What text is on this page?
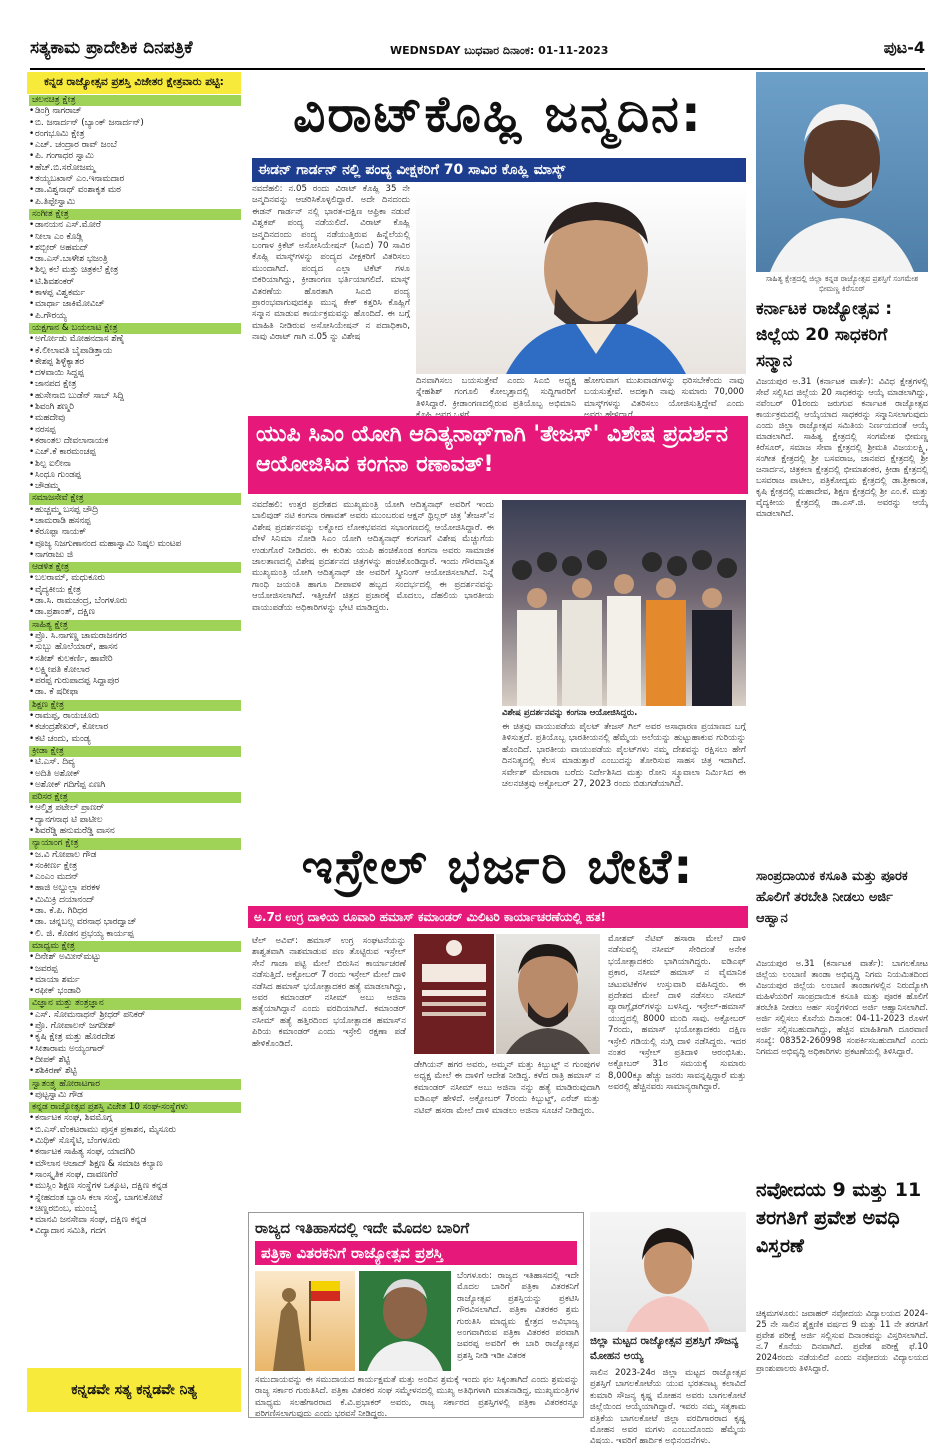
ಸತ್ಯಕಾಮ ಪ್ರಾದೇಶಿಕ ದಿನಪತ್ರಿಕೆ	WEDNSDAY ಬುಧವಾರ ದಿನಾಂಕ: 01-11-2023	ಪುಟ-4
ಕನ್ನಡ ರಾಜ್ಯೋತ್ಸವ ಪ್ರಶಸ್ತಿ ವಿಜೇತರ ಕ್ಷೇತ್ರವಾರು ಪಟ್ಟಿ:
ಚಲನಚಿತ್ರ ಕ್ಷೇತ್ರ
• ಡಿಂಗ್ರಿ ನಾಗರಾಜ್
• ಬಿ. ಜನಾರ್ದನ್ (ಬ್ಯಾಂಕ್ ಜನಾರ್ದನ್)
• ರಂಗಭೂಮಿ ಕ್ಷೇತ್ರ
• ಎಚ್. ಚಂದ್ರಾರ ರಾವ್ ಜಂಬೆ
• ಪಿ. ಗಂಗಾಧರ ಸ್ವಾಮಿ
• ಹೆಚ್.ಬಿ.ಸರೋಜಮ್ಮ
• ತಯ್ಯಬಖಾನ್ ಎಂ.ಇನಾಮದಾರ
• ಡಾ.ವಿಶ್ವನಾಥ್ ವಂಶಾಕೃತ ಮಠ
• ಪಿ.ತಿಪ್ಪೇಸ್ವಾಮಿ
ಸಂಗೀತ ಕ್ಷೇತ್ರ
• ಡಾನಯನ ಎಸ್.ಮೋರೆ
• ನೀಲಾ ಎಂ ಕೊಡ್ಲಿ
• ಶಬ್ಬೀರ್ ಅಹಮದ್
• ಡಾ.ಎಸ್.ಬಾಳೇಶ ಭಜಂತ್ರಿ
• ಶಿಲ್ಪ ಕಲೆ ಮತ್ತು ಚಿತ್ರಕಲೆ ಕ್ಷೇತ್ರ
• ಟಿ.ಶಿವಶಂಕರ್
• ಕಾಳಪ್ಪ ವಿಶ್ವಕರ್ಮ
• ಮಾರ್ಥಾ ಜಾಕಿಮೋವಿಚ್
• ಪಿ.ಗೌರಯ್ಯ
ಯಕ್ಷಗಾನ & ಬಯಲಾಟ ಕ್ಷೇತ್ರ
• ಅರ್ಗೋಡು ಮೋಹನದಾಸ ಶೆಣೈ
• ಕೆ.ಲೀಲಾವತಿ ಬೈಪಾಡಿತ್ತಾಯ
• ಕೇಶಪ್ಪ ಶಿಳ್ಳೆಕ್ಯಾತರ
• ದಳವಾಯಿ ಸಿದ್ದಪ್ಪ
• ಜಾನಪದ ಕ್ಷೇತ್ರ
• ಹುಸೇನಾಬಿ ಬುಡೆನ್ ಸಾಬ್ ಸಿದ್ದಿ
• ಶಿವಂಗಿ ಶಣ್ಮರಿ
• ಮಹದೇವು
• ನರಸಪ್ಪ
• ಕಠಾಂತಲ ದೇವಲಾನಾಯಕ
• ಎಚ್.ಕೆ ಕಾರಮಂಚಪ್ಪ
• ಶಿಲ್ಪ ಐಲೀನಾ
• ಸಿಂಧೂ ಗುಂಡಪ್ಪ
• ಚೌಡಮ್ಮ
ಸಮಾಜಸೇವೆ ಕ್ಷೇತ್ರ
• ಹುಚ್ಚಮ್ಮ ಬಸಪ್ಪ ಚೌದ್ರಿ
• ಚಾಮರಾಡಿ ಹಸನಪ್ಪ
• ಕೆರೂಪ್ಪಾ ನಾಯಕ್
• ಪೂಜ್ಯ ನಿಜಗುಣಾನಂದ ಮಹಾಸ್ವಾಮಿ ನಿಷ್ಕಲ ಮಂಟಪ
• ನಾಗರಾಜು ಜಿ
ಆಡಳಿತ ಕ್ಷೇತ್ರ
• ಬಲರಾಮ್, ಮಧುಕೂರು
• ವೈದ್ಯಕೀಯ ಕ್ಷೇತ್ರ
• ಡಾ.ಸಿ. ರಾಮಚಂದ್ರ, ಬೆಂಗಳೂರು
• ಡಾ.ಪ್ರಶಾಂತ್, ದಕ್ಷಿಣ
ಸಾಹಿತ್ಯ ಕ್ಷೇತ್ರ
• ಪ್ರೊ. ಸಿ.ನಾಗಣ್ಣ ಚಾಮರಾಜನಗರ
• ಸುಬ್ಬು ಹೊಲೆಯಾರ್, ಹಾಸನ
• ಸತೀಶ್ ಕುಲಕರ್ಣಿ, ಹಾವೇರಿ
• ಲಕ್ಷ್ಮೀಪತಿ ಕೋಲಾರ
• ಪರಪ್ಪ ಗುರುಪಾದಪ್ಪ ಸಿದ್ದಾಪುರ
• ಡಾ. ಕೆ ಷರೀಫಾ
ಶಿಕ್ಷಣ ಕ್ಷೇತ್ರ
• ರಾಮಪ್ಪ, ರಾಯಚೂರು
• ಕಚಂದ್ರಶೇಖರ್, ಕೋಲಾರ
• ಕಟಿ ಚಂದು, ಮಂಡ್ಯ
ಕ್ರೀಡಾ ಕ್ಷೇತ್ರ
• ಟಿ.ಎಸ್. ದಿವ್ಯ
• ಅದಿತಿ ಅಶೋಕ್
• ಅಶೋಕ್ ಗದಿಗೆಪ್ಪ ಏಣಗಿ
ಪರಿಸರ ಕ್ಷೇತ್ರ
• ಆಲ್ಮಿತ್ರ ಪಟೇಲ್ ಪ್ರಾಣರ್
• ದ್ಯಾನಗನಾಥ ಟಿ ಪಾಟೀಲ
• ಶಿವರೆಡ್ಡಿ ಹನುಮರೆಡ್ಡಿ ವಾಸನ
ನ್ಯಾಯಾಂಗ ಕ್ಷೇತ್ರ
• ಜ.ವಿ ಗೋಪಾಲ ಗೌಡ
• ಸಂಕೀರ್ಣ ಕ್ಷೇತ್ರ
• ಎಂಎಂ ಮದನ್
• ಹಾಜಿ ಅಬ್ದುಲ್ಲಾ ಪರಕಳ
• ಮಿಮಿಕ್ರಿ ದಯಾನಂದ್
• ಡಾ. ಕೆ.ಪಿ. ಗಿರಿಧರ
• ಡಾ. ಚನ್ನಬಲ್ಲ ವರನಾಥ ಭಾರದ್ವಾಜ್
• ಲಿ. ಜಿ. ಕೊಡನ ಪ್ರಭಯ್ಯ ಕಾರ್ಯಪ್ಪ
ಮಾಧ್ಯಮ ಕ್ಷೇತ್ರ
• ದಿನೇಶ್ ಅಮೀನ್‌ಮಟ್ಟು
• ಜವರಪ್ಪ
• ಮಾಯಾ ಶರ್ಮ
• ರಫೀಕ್ ಭಂಡಾರಿ
ವಿಜ್ಞಾನ ಮತ್ತು ತಂತ್ರಜ್ಞಾನ
• ಎಸ್. ಸೋಮನಾಥನ್ ಶ್ರೀಧರ್ ಪನಿಕರ್
• ಪ್ರೊ. ಗೋಪಾಲನ್ ಜಗದೀಶ್
• ಕೃಷಿ ಕ್ಷೇತ್ರ ಮತ್ತು ಹೊರದೇಶ
• ಸೀತಾರಾಮ ಅಯ್ಯಂಗಾರ್
• ದೀಪಕ್ ಶೆಟ್ಟಿ
• ಶಶಿಕಿರಣ್ ಶೆಟ್ಟಿ
ಸ್ವಾತಂತ್ರ್ಯ ಹೋರಾಟಗಾರ
• ಪುಟ್ಟಸ್ವಾಮಿ ಗೌಡ
ಕನ್ನಡ ರಾಜ್ಯೋತ್ಸವ ಪ್ರಶಸ್ತಿ ವಿಜೇತ 10 ಸಂಘ-ಸಂಸ್ಥೆಗಳು
• ಕರ್ನಾಟಕ ಸಂಘ, ಶಿವಮೊಗ್ಗ
• ಬಿ.ಎಸ್.ವೆಂಕಟರಾಮು ಪುಸ್ತಕ ಪ್ರಕಾಶನ, ಮೈಸೂರು
• ಮಿಥಿಕ್ ಸೊಸೈಟಿ, ಬೆಂಗಳೂರು
• ಕರ್ನಾಟಕ ಸಾಹಿತ್ಯ ಸಂಘ, ಯಾದಗಿರಿ
• ಮೌಲಾನ ಆಜಾದ್ ಶಿಕ್ಷಣ & ಸಮಾಜ ಕಲ್ಯಾಣ
• ಸಾಂಸ್ಕೃತಿಕ ಸಂಘ, ದಾವಣಗೆರೆ
• ಮುಸ್ಲಿಂ ಶಿಕ್ಷಣ ಸಂಸ್ಥೆಗಳ ಒಕ್ಕೂಟ, ದಕ್ಷಿಣ ಕನ್ನಡ
• ಸ್ನೇಹದಂತ ಬ್ಯಾಂಸಿ ಕಲಾ ಸಂಸ್ಥೆ, ಬಾಗಲಕೋಟೆ
• ಚಿಣ್ಣರಬಿಂಬ, ಮುಂಬೈ
• ಮಾನವಿ ಜನಸೇವಾ ಸಂಘ, ದಕ್ಷಿಣ ಕನ್ನಡ
• ವಿದ್ಯಾದಾನ ಸಮಿತಿ, ಗದಗ
ಕನ್ನಡವೇ ಸತ್ಯ ಕನ್ನಡವೇ ನಿತ್ಯ
ವಿರಾಟ್‌ಕೊಹ್ಲಿ ಜನ್ಮದಿನ:
ಈಡನ್ ಗಾರ್ಡನ್ ನಲ್ಲಿ ಪಂದ್ಯ ವೀಕ್ಷಕರಿಗೆ 70 ಸಾವಿರ ಕೊಹ್ಲಿ ಮಾಸ್ಕ್
ನವದೆಹಲಿ: ನ.05 ರಂದು ವಿರಾಟ್ ಕೊಹ್ಲಿ 35 ನೇ ಜನ್ಮದಿನವನ್ನು ಆಚರಿಸಿಕೊಳ್ಳಲಿದ್ದಾರೆ. ಅದೇ ದಿನದಂದು ಈಡನ್ ಗಾರ್ಡನ್ ನಲ್ಲಿ ಭಾರತ-ದಕ್ಷಿಣ ಆಫ್ರಿಕಾ ನಡುವೆ ವಿಶ್ವಕಪ್ ಪಂದ್ಯ ನಡೆಯಲಿದೆ. ವಿರಾಟ್ ಕೊಹ್ಲಿ ಜನ್ಮದಿನದಂದು ಪಂದ್ಯ ನಡೆಯುತ್ತಿರುವ ಹಿನ್ನೆಲೆಯಲ್ಲಿ ಬಂಗಾಳ ಕ್ರಿಕೆಟ್ ಅಸೋಸಿಯೇಷನ್ (ಸಿಎಬಿ) 70 ಸಾವಿರ ಕೊಹ್ಲಿ ಮಾಸ್ಕ್‌ಗಳನ್ನು ಪಂದ್ಯದ ವೀಕ್ಷಕರಿಗೆ ವಿತರಿಸಲು ಮುಂದಾಗಿದೆ. ಪಂದ್ಯದ ಎಲ್ಲಾ ಟಿಕೆಟ್ ಗಳೂ ಬಿಕರಿಯಾಗಿದ್ದು, ಕ್ರೀಡಾಂಗಣ ಭರ್ತಿಯಾಗಲಿದೆ. ಮಾಸ್ಕ್ ವಿತರಣೆಯ ಹೊರತಾಗಿ ಸಿಎಬಿ ಪಂದ್ಯ ಪ್ರಾರಂಭವಾಗುವುದಕ್ಕೂ ಮುನ್ನ ಕೇಕ್ ಕತ್ತರಿಸಿ ಕೊಹ್ಲಿಗೆ ಸನ್ಮಾನ ಮಾಡುವ ಕಾರ್ಯಕ್ರಮವನ್ನು ಹೊಂದಿದೆ. ಈ ಬಗ್ಗೆ ಮಾಹಿತಿ ನೀಡಿರುವ ಅಸೋಸಿಯೇಷನ್ ನ ಪದಾಧಿಕಾರಿ, ನಾವು ವಿರಾಟ್ ಗಾಗಿ ನ.05 ನ್ನು ವಿಶೇಷ
ದಿನವಾಗಿಸಲು ಬಯಸುತ್ತೇವೆ ಎಂದು ಸಿಎಬಿ ಅಧ್ಯಕ್ಷ ಸ್ನೇಹಶಿಶ್ ಗಂಗೂಲಿ ಕೋಲ್ಕತ್ತಾದಲ್ಲಿ ಸುದ್ದಿಗಾರರಿಗೆ ತಿಳಿಸಿದ್ದಾರೆ. ಕ್ರೀಡಾಂಗಣದಲ್ಲಿರುವ ಪ್ರತಿಯೊಬ್ಬ ಅಭಿಮಾನಿ
ಹೋಗುವಾಗ ಮುಖವಾಡಗಳನ್ನು ಧರಿಸಬೇಕೆಂದು ನಾವು ಬಯಸುತ್ತೇವೆ. ಅದಕ್ಕಾಗಿ ನಾವು ಸುಮಾರು 70,000 ಮಾಸ್ಕ್‌ಗಳನ್ನು ವಿತರಿಸಲು ಯೋಜಿಸುತ್ತಿದ್ದೇವೆ ಎಂದು
ಯುಪಿ ಸಿಎಂ ಯೋಗಿ ಆದಿತ್ಯನಾಥ್‌ಗಾಗಿ 'ತೇಜಸ್' ವಿಶೇಷ ಪ್ರದರ್ಶನ ಆಯೋಜಿಸಿದ ಕಂಗನಾ ರಣಾವತ್!
ನವದೆಹಲಿ: ಉತ್ತರ ಪ್ರದೇಶದ ಮುಖ್ಯಮಂತ್ರಿ ಯೋಗಿ ಆದಿತ್ಯನಾಥ್ ಅವರಿಗೆ ಇಂದು ಬಾಲಿವುಡ್ ನಟಿ ಕಂಗನಾ ರಣಾವತ್ ಅವರು ಮುಂಬರುವ ಆಕ್ಷನ್ ಥ್ರಿಲ್ಲರ್ ಚಿತ್ರ 'ತೇಜಸ್'ನ ವಿಶೇಷ ಪ್ರದರ್ಶನವನ್ನು ಲಕ್ನೋದ ಲೋಕಭವನದ ಸಭಾಂಗಣದಲ್ಲಿ ಆಯೋಜಿಸಿದ್ದಾರೆ. ಈ ವೇಳೆ ಸಿನಿಮಾ ನೋಡಿ ಸಿಎಂ ಯೋಗಿ ಆದಿತ್ಯನಾಥ್ ಕಂಗನಾಗೆ ವಿಶೇಷ ಮೆಚ್ಚುಗೆಯ ಉಡುಗೊರೆ ನೀಡಿದರು. ಈ ಕುರಿತು ಯುಪಿ ಹಂಚಿಕೊಂಡ ಕಂಗನಾ ಅವರು ಸಾಮಾಜಿಕ ಜಾಲತಾಣದಲ್ಲಿ ವಿಶೇಷ ಪ್ರದರ್ಶನದ ಚಿತ್ರಗಳನ್ನು ಹಂಚಿಕೊಂಡಿದ್ದಾರೆ. ಇಂದು ಗೌರವಾನ್ವಿತ ಮುಖ್ಯಮಂತ್ರಿ ಯೋಗಿ ಆದಿತ್ಯನಾಥ್ ಜೀ ಅವರಿಗೆ ಸ್ಕ್ರೀನಿಂಗ್ ಆಯೋಜಿಸಲಾಗಿದೆ. ನಿನ್ನೆ ಗಾಂಧಿ ಜಯಂತಿ ಹಾಗೂ ದೀಪಾವಳಿ ಹಬ್ಬದ ಸಂದರ್ಭದಲ್ಲಿ ಈ ಪ್ರದರ್ಶನವನ್ನು ಆಯೋಜಿಸಲಾಗಿದೆ. ಇತ್ತೀಚೆಗೆ ಚಿತ್ರದ ಪ್ರಚಾರಕ್ಕೆ ಮೊದಲು, ದೆಹಲಿಯ ಭಾರತೀಯ ವಾಯುಪಡೆಯ ಅಧಿಕಾರಿಗಳನ್ನು ಭೇಟಿ ಮಾಡಿದ್ದರು.
ವಿಶೇಷ ಪ್ರದರ್ಶನವನ್ನು ಕಂಗನಾ ಆಯೋಜಿಸಿದ್ದರು.
ಈ ಚಿತ್ರವು ವಾಯುಪಡೆಯ ಪೈಲಟ್ ತೇಜಸ್ ಗಿಲ್ ಅವರ ಅಸಾಧಾರಣ ಪ್ರಯಾಣದ ಬಗ್ಗೆ ತಿಳಿಸುತ್ತದೆ. ಪ್ರತಿಯೊಬ್ಬ ಭಾರತೀಯನಲ್ಲಿ ಹೆಮ್ಮೆಯ ಅಲೆಯನ್ನು ಹುಟ್ಟುಹಾಕುವ ಗುರಿಯನ್ನು ಹೊಂದಿದೆ. ಭಾರತೀಯ ವಾಯುಪಡೆಯ ಪೈಲಟ್‌ಗಳು ನಮ್ಮ ದೇಶವನ್ನು ರಕ್ಷಿಸಲು ಹೇಗೆ ದಿನನಿತ್ಯದಲ್ಲಿ ಕೆಲಸ ಮಾಡುತ್ತಾರೆ ಎಂಬುದನ್ನು ತೋರಿಸುವ ಸಾಹಸ ಚಿತ್ರ ಇದಾಗಿದೆ. ಸರ್ವೇಶ್ ಮೇವಾರಾ ಬರೆದು ನಿರ್ದೇಶಿಸಿದ ಮತ್ತು ರೋನಿ ಸ್ಕ್ರೂವಾಲಾ ನಿರ್ಮಿಸಿದ ಈ ಚಲನಚಿತ್ರವು ಅಕ್ಟೋಬರ್ 27, 2023 ರಂದು ಬಿಡುಗಡೆಯಾಗಿದೆ.
ಇಸ್ರೇಲ್ ಭರ್ಜರಿ ಬೇಟೆ:
ಅ.7ರ ಉಗ್ರ ದಾಳಿಯ ರೂವಾರಿ ಹಮಾಸ್ ಕಮಾಂಡರ್ ಮಿಲಿಟರಿ ಕಾರ್ಯಾಚರಣೆಯಲ್ಲಿ ಹತ!
ಟೆಲ್ ಅವಿವ್: ಹಮಾಸ್ ಉಗ್ರ ಸಂಘಟನೆಯನ್ನು ಶಾಶ್ವತವಾಗಿ ನಾಶಮಾಡುವ ಪಣ ತೊಟ್ಟಿರುವ ಇಸ್ರೇಲ್ ಸೇನೆ ಗಾಜಾ ಪಟ್ಟಿ ಮೇಲೆ ಬಿರುಸಿನ ಕಾರ್ಯಾಚರಣೆ ನಡೆಸುತ್ತಿದೆ. ಅಕ್ಟೋಬರ್ 7 ರಂದು ಇಸ್ರೇಲ್ ಮೇಲೆ ದಾಳಿ ನಡೆಸಿದ ಹಮಾಸ್ ಭಯೋತ್ಪಾದಕರ ಹತ್ಯೆ ಮಾಡಲಾಗಿದ್ದು, ಅವರ ಕಮಾಂಡರ್ ನಸೀಮ್ ಅಬು ಅಜಿನಾ ಹತ್ಯೆಯಾಗಿದ್ದಾನೆ ಎಂದು ವರದಿಯಾಗಿದೆ. ಕಮಾಂಡರ್ ನಸೀಮ್ ಹತ್ಯೆ ಹತ್ತಿರದಿಂದ ಭಯೋತ್ಪಾದಕ ಹಮಾಸ್‌ನ ಪಿರಿಯ ಕಮಾಂಡರ್ ಎಂದು ಇಸ್ರೇಲಿ ರಕ್ಷಣಾ ಪಡೆ ಹೇಳಿಕೊಂಡಿದೆ.
ಡೇಗಿಯನ್ ಹಗರ ಅವರು, ಅಮ್ಮನ್ ಮತ್ತು ಕಿಬ್ಬುಟ್ಜ್ ನ ಗುಂಪುಗಳ ಅಧ್ಯಕ್ಷ ಮೇಲೆ ಈ ದಾಳಿಗೆ ಆದೇಶ ನೀಡಿದ್ದ. ಕಳೆದ ರಾತ್ರಿ ಹಮಾಸ್ ನ ಕಮಾಂಡರ್ ನಸೀಮ್ ಅಬು ಅಜಿನಾ ನನ್ನು ಹತ್ಯೆ ಮಾಡಿರುವುದಾಗಿ ಐಡಿಎಫ್ ಹೇಳಿದೆ. ಅಕ್ಟೋಬರ್ 7ರಂದು ಕಿಬ್ಬುಟ್ಜ್, ಎರೆಜ್ ಮತ್ತು ನಟಿವ್ ಹಸರಾ ಮೇಲೆ ದಾಳಿ ಮಾಡಲು ಅಜಿನಾ ಸೂಚನೆ ನೀಡಿದ್ದರು.
ಮೋಶವ್ ನೆಟಿವ್ ಹಸಾರಾ ಮೇಲೆ ದಾಳಿ ನಡೆಸುವಲ್ಲಿ ನಸೀಮ್ ಸೇರಿದಂತೆ ಅನೇಕ ಭಯೋತ್ಪಾದಕರು ಭಾಗಿಯಾಗಿದ್ದರು. ಐಡಿಎಫ್ ಪ್ರಕಾರ, ನಸೀಮ್ ಹಮಾಸ್ ನ ವೈಮಾನಿಕ ಚಟುವಟಿಕೆಗಳ ಉಸ್ತುವಾರಿ ವಹಿಸಿದ್ದರು. ಈ ಪ್ರದೇಶದ ಮೇಲೆ ದಾಳಿ ನಡೆಸಲು ನಸೀಮ್ ಪ್ಯಾರಾಗ್ಲೈಡರ್‌ಗಳನ್ನು ಬಳಸಿದ್ದ. ಇಸ್ರೇಲ್-ಹಮಾಸ್ ಯುದ್ಧದಲ್ಲಿ 8000 ಮಂದಿ ಸಾವು. ಅಕ್ಟೋಬರ್ 7ರಂದು, ಹಮಾಸ್ ಭಯೋತ್ಪಾದಕರು ದಕ್ಷಿಣ ಇಸ್ರೇಲಿ ಗಡಿಯಲ್ಲಿ ನುಗ್ಗಿ ದಾಳಿ ನಡೆಸಿದ್ದರು. ಇದರ ನಂತರ ಇಸ್ರೇಲ್ ಪ್ರತಿದಾಳಿ ಆರಂಭಿಸಿತು. ಅಕ್ಟೋಬರ್ 31ರ ಸಮಯಕ್ಕೆ ಸುಮಾರು 8,000ಕ್ಕೂ ಹೆಚ್ಚು ಜನರು ಸಾವನ್ನಪ್ಪಿದ್ದಾರೆ ಮತ್ತು ಅವರಲ್ಲಿ ಹೆಚ್ಚಿನವರು ಸಾಮಾನ್ಯರಾಗಿದ್ದಾರೆ.
ರಾಜ್ಯದ ಇತಿಹಾಸದಲ್ಲಿ ಇದೇ ಮೊದಲ ಬಾರಿಗೆ
ಪತ್ರಿಕಾ ವಿತರಕನಿಗೆ ರಾಜ್ಯೋತ್ಸವ ಪ್ರಶಸ್ತಿ
ಬೆಂಗಳೂರು: ರಾಜ್ಯದ ಇತಿಹಾಸದಲ್ಲಿ ಇದೇ ಮೊದಲ ಬಾರಿಗೆ ಪತ್ರಿಕಾ ವಿತರಕನಿಗೆ ರಾಜ್ಯೋತ್ಸವ ಪ್ರಶಸ್ತಿಯನ್ನು ಪ್ರಕಟಿಸಿ ಗೌರವಿಸಲಾಗಿದೆ. ಪತ್ರಿಕಾ ವಿತರಕರ ಶ್ರಮ ಗುರುತಿಸಿ ಮಾಧ್ಯಮ ಕ್ಷೇತ್ರದ ಅವಿಭಾಜ್ಯ ಅಂಗವಾಗಿರುವ ಪತ್ರಿಕಾ ವಿತರಕರ ಪರವಾಗಿ ಜವರಪ್ಪ ಅವರಿಗೆ ಈ ಬಾರಿ ರಾಜ್ಯೋತ್ಸವ ಪ್ರಶಸ್ತಿ ನೀಡಿ ಇಡೀ ವಿತರಕ
ಸಮುದಾಯವನ್ನು ಈ ಸಮುದಾಯದ ಕಾರ್ಯಕ್ಷಮತೆ ಮತ್ತು ಅಂದಿನ ಶ್ರಮಕ್ಕೆ ಇಂದು ಫಲ ಸಿಕ್ಕಂತಾಗಿದೆ ಎಂದು ಶ್ರಮವನ್ನು ರಾಜ್ಯ ಸರ್ಕಾರ ಗುರುತಿಸಿದೆ. ಪತ್ರಿಕಾ ವಿತರಕರ ಸಂಘ ಸಮ್ಮೇಳನದಲ್ಲಿ ಮುಖ್ಯ ಅತಿಥಿಗಳಾಗಿ ಮಾತನಾಡಿದ್ದ, ಮುಖ್ಯಮಂತ್ರಿಗಳ ಮಾಧ್ಯಮ ಸಲಹೆಗಾರರಾದ ಕೆ.ವಿ.ಪ್ರಭಾಕರ್ ಅವರು, ರಾಜ್ಯ ಸರ್ಕಾರದ ಪ್ರಶಸ್ತಿಗಳಲ್ಲಿ ಪತ್ರಿಕಾ ವಿತರಕರನ್ನೂ ಪರಿಗಣಿಸಲಾಗುವುದು ಎಂದು ಭರವಸೆ ನೀಡಿದ್ದರು.
ಜಿಲ್ಲಾ ಮಟ್ಟದ ರಾಜ್ಯೋತ್ಸವ ಪ್ರಶಸ್ತಿಗೆ ಸೌಜನ್ಯ ಮೋಹನ ಅಯ್ಯ
ಸಾಲಿನ 2023-24ರ ಜಿಲ್ಲಾ ಮಟ್ಟದ ರಾಜ್ಯೋತ್ಸವ ಪ್ರಶಸ್ತಿಗೆ ಬಾಗಲಕೋಟೆಯ ಯುವ ಭರತನಾಟ್ಯ ಕಲಾವಿದೆ ಕುಮಾರಿ ಸೌಜನ್ಯ ಕೃಷ್ಣ ಮೋಹನ ಅವರು ಬಾಗಲಕೋಟೆ ಜಿಲ್ಲೆಯಿಂದ ಆಯ್ಕೆಯಾಗಿದ್ದಾರೆ. ಇವರು ನಮ್ಮ ಸತ್ಯಕಾಮ ಪತ್ರಿಕೆಯ ಬಾಗಲಕೋಟೆ ಜಿಲ್ಲಾ ವರದಿಗಾರರಾದ ಕೃಷ್ಣ ಮೋಹನ ಅವರ ಮಗಳು ಎಂಬುದೊಂದು ಹೆಮ್ಮೆಯ ವಿಷಯ. ಇವರಿಗೆ ಹಾರ್ದಿಕ ಅಭಿನಂದನೆಗಳು.
ಸಾಹಿತ್ಯ ಕ್ಷೇತ್ರದಲ್ಲಿ ಜಿಲ್ಲಾ ಕನ್ನಡ ರಾಜ್ಯೋತ್ಸವ ಪ್ರಶಸ್ತಿಗೆ ಸಂಗಮೇಶ ಭೀಮಣ್ಣ ಕಿರೆಸೂರ್
ಕರ್ನಾಟಕ ರಾಜ್ಯೋತ್ಸವ : ಜಿಲ್ಲೆಯ 20 ಸಾಧಕರಿಗೆ ಸನ್ಮಾನ
ವಿಜಯಪುರ ಅ.31 (ಕರ್ನಾಟಕ ವಾರ್ತೆ): ವಿವಿಧ ಕ್ಷೇತ್ರಗಳಲ್ಲಿ ಸೇವೆ ಸಲ್ಲಿಸಿದ ಜಿಲ್ಲೆಯ 20 ಸಾಧಕರನ್ನು ಆಯ್ಕೆ ಮಾಡಲಾಗಿದ್ದು, ನವೆಂಬರ್ 01ರಂದು ಜರುಗುವ ಕರ್ನಾಟಕ ರಾಜ್ಯೋತ್ಸವ ಕಾರ್ಯಕ್ರಮದಲ್ಲಿ ಆಯ್ಕೆಯಾದ ಸಾಧಕರನ್ನು ಸನ್ಮಾನಿಸಲಾಗುವುದು ಎಂದು ಜಿಲ್ಲಾ ರಾಜ್ಯೋತ್ಸವ ಸಮಿತಿಯ ನಿರ್ಣಯದಂತೆ ಆಯ್ಕೆ ಮಾಡಲಾಗಿದೆ. ಸಾಹಿತ್ಯ ಕ್ಷೇತ್ರದಲ್ಲಿ ಸಂಗಮೇಶ ಭೀಮಣ್ಣ ಕಿರೆಸೂರ್, ಸಮಾಜ ಸೇವಾ ಕ್ಷೇತ್ರದಲ್ಲಿ ಶ್ರೀಮತಿ ವಿಜಯಲಕ್ಷ್ಮಿ, ಸಂಗೀತ ಕ್ಷೇತ್ರದಲ್ಲಿ ಶ್ರೀ ಬಸವರಾಜ, ಜಾನಪದ ಕ್ಷೇತ್ರದಲ್ಲಿ ಶ್ರೀ ಜನಾರ್ದನ, ಚಿತ್ರಕಲಾ ಕ್ಷೇತ್ರದಲ್ಲಿ ಭೀಮಾಶಂಕರ, ಕ್ರೀಡಾ ಕ್ಷೇತ್ರದಲ್ಲಿ ಬಸವರಾಜ ಪಾಟೀಲ, ಪತ್ರಿಕೋದ್ಯಮ ಕ್ಷೇತ್ರದಲ್ಲಿ ಡಾ.ಶ್ರೀಕಾಂತ, ಕೃಷಿ ಕ್ಷೇತ್ರದಲ್ಲಿ ಮಹಾದೇವ, ಶಿಕ್ಷಣ ಕ್ಷೇತ್ರದಲ್ಲಿ ಶ್ರೀ ಎಂ.ಕೆ. ಮತ್ತು ವೈದ್ಯಕೀಯ ಕ್ಷೇತ್ರದಲ್ಲಿ ಡಾ.ಎಸ್.ಜಿ. ಅವರನ್ನು ಆಯ್ಕೆ ಮಾಡಲಾಗಿದೆ.
ಸಾಂಪ್ರದಾಯಿಕ ಕಸೂತಿ ಮತ್ತು ಪೂರಕ ಹೊಲಿಗೆ ತರಬೇತಿ ನೀಡಲು ಅರ್ಜಿ ಆಹ್ವಾನ
ವಿಜಯಪುರ ಅ.31 (ಕರ್ನಾಟಕ ವಾರ್ತೆ): ಬಾಗಲಕೋಟ ಜಿಲ್ಲೆಯ ಲಂಬಾಣಿ ತಾಂಡಾ ಅಭಿವೃದ್ಧಿ ನಿಗಮ ನಿಯಮಿತದಿಂದ ವಿಜಯಪುರ ಜಿಲ್ಲೆಯ ಲಂಬಾಣಿ ತಾಂಡಾಗಳಲ್ಲಿನ ನಿರುದ್ಯೋಗಿ ಮಹಿಳೆಯರಿಗೆ ಸಾಂಪ್ರದಾಯಿಕ ಕಸೂತಿ ಮತ್ತು ಪೂರಕ ಹೊಲಿಗೆ ತರಬೇತಿ ನೀಡಲು ಅರ್ಹ ಸಂಸ್ಥೆಗಳಿಂದ ಅರ್ಜಿ ಆಹ್ವಾನಿಸಲಾಗಿದೆ. ಅರ್ಜಿ ಸಲ್ಲಿಸಲು ಕೊನೆಯ ದಿನಾಂಕ: 04-11-2023 ರೊಳಗೆ ಅರ್ಜಿ ಸಲ್ಲಿಸಬಹುದಾಗಿದ್ದು, ಹೆಚ್ಚಿನ ಮಾಹಿತಿಗಾಗಿ ದೂರವಾಣಿ ಸಂಖ್ಯೆ: 08352-260998 ಸಂಪರ್ಕಿಸಬಹುದಾಗಿದೆ ಎಂದು ನಿಗಮದ ಅಭಿವೃದ್ಧಿ ಅಧಿಕಾರಿಗಳು ಪ್ರಕಟಣೆಯಲ್ಲಿ ತಿಳಿಸಿದ್ದಾರೆ.
ನವೋದಯ 9 ಮತ್ತು 11 ತರಗತಿಗೆ ಪ್ರವೇಶ ಅವಧಿ ವಿಸ್ತರಣೆ
ಚಿಕ್ಕಮಗಳೂರು: ಜವಾಹರ್ ನವೋದಯ ವಿದ್ಯಾಲಯದ 2024-25 ನೇ ಸಾಲಿನ ಶೈಕ್ಷಣಿಕ ವರ್ಷದ 9 ಮತ್ತು 11 ನೇ ತರಗತಿಗೆ ಪ್ರವೇಶ ಪರೀಕ್ಷೆ ಅರ್ಜಿ ಸಲ್ಲಿಸುವ ದಿನಾಂಕವನ್ನು ವಿಸ್ತರಿಸಲಾಗಿದೆ. ನ.7 ಕೊನೆಯ ದಿನವಾಗಿದೆ. ಪ್ರವೇಶ ಪರೀಕ್ಷೆ ಫೆ.10 2024ರಂದು ನಡೆಯಲಿದೆ ಎಂದು ನವೋದಯ ವಿದ್ಯಾಲಯದ ಪ್ರಾಂಶುಪಾಲರು ತಿಳಿಸಿದ್ದಾರೆ.
